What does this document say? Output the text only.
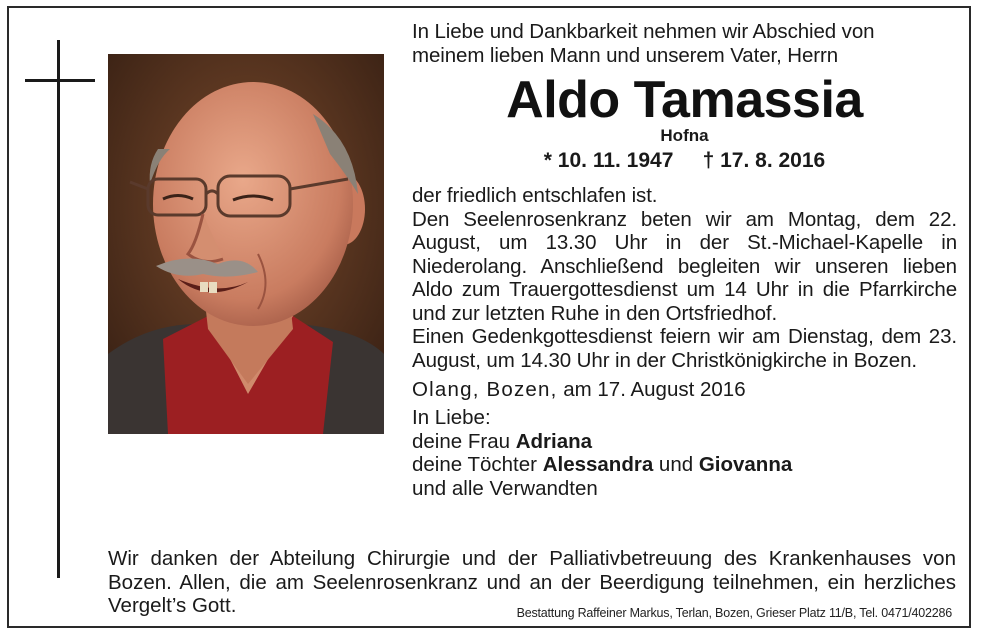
In Liebe und Dankbarkeit nehmen wir Abschied von
meinem lieben Mann und unserem Vater, Herrn

Aldo Tamassia
Hofna
* 10. 11. 1947 † 17. 8. 2016

der friedlich entschlafen ist.

Den Seelenrosenkranz beten wir am Montag, dem 22. August, um 13.30 Uhr in der St.-Michael-Kapelle in Niederolang. Anschließend begleiten wir unseren lieben Aldo zum Trauergottesdienst um 14 Uhr in die Pfarrkirche und zur letzten Ruhe in den Ortsfriedhof.

Einen Gedenkgottesdienst feiern wir am Dienstag, dem 23. August, um 14.30 Uhr in der Christkönigkirche in Bozen.

Olang, Bozen, am 17. August 2016
In Liebe:
deine Frau Adriana
deine Töchter Alessandra und Giovanna
und alle Verwandten

Wir danken der Abteilung Chirurgie und der Palliativbetreuung des Krankenhauses von Bozen. Allen, die am Seelenrosenkranz und an der Beerdigung teilnehmen, ein herzliches Vergelt’s Gott.	Bestattung Raffeiner Markus, Terlan, Bozen, Grieser Platz 11/B, Tel. 0471/402286
